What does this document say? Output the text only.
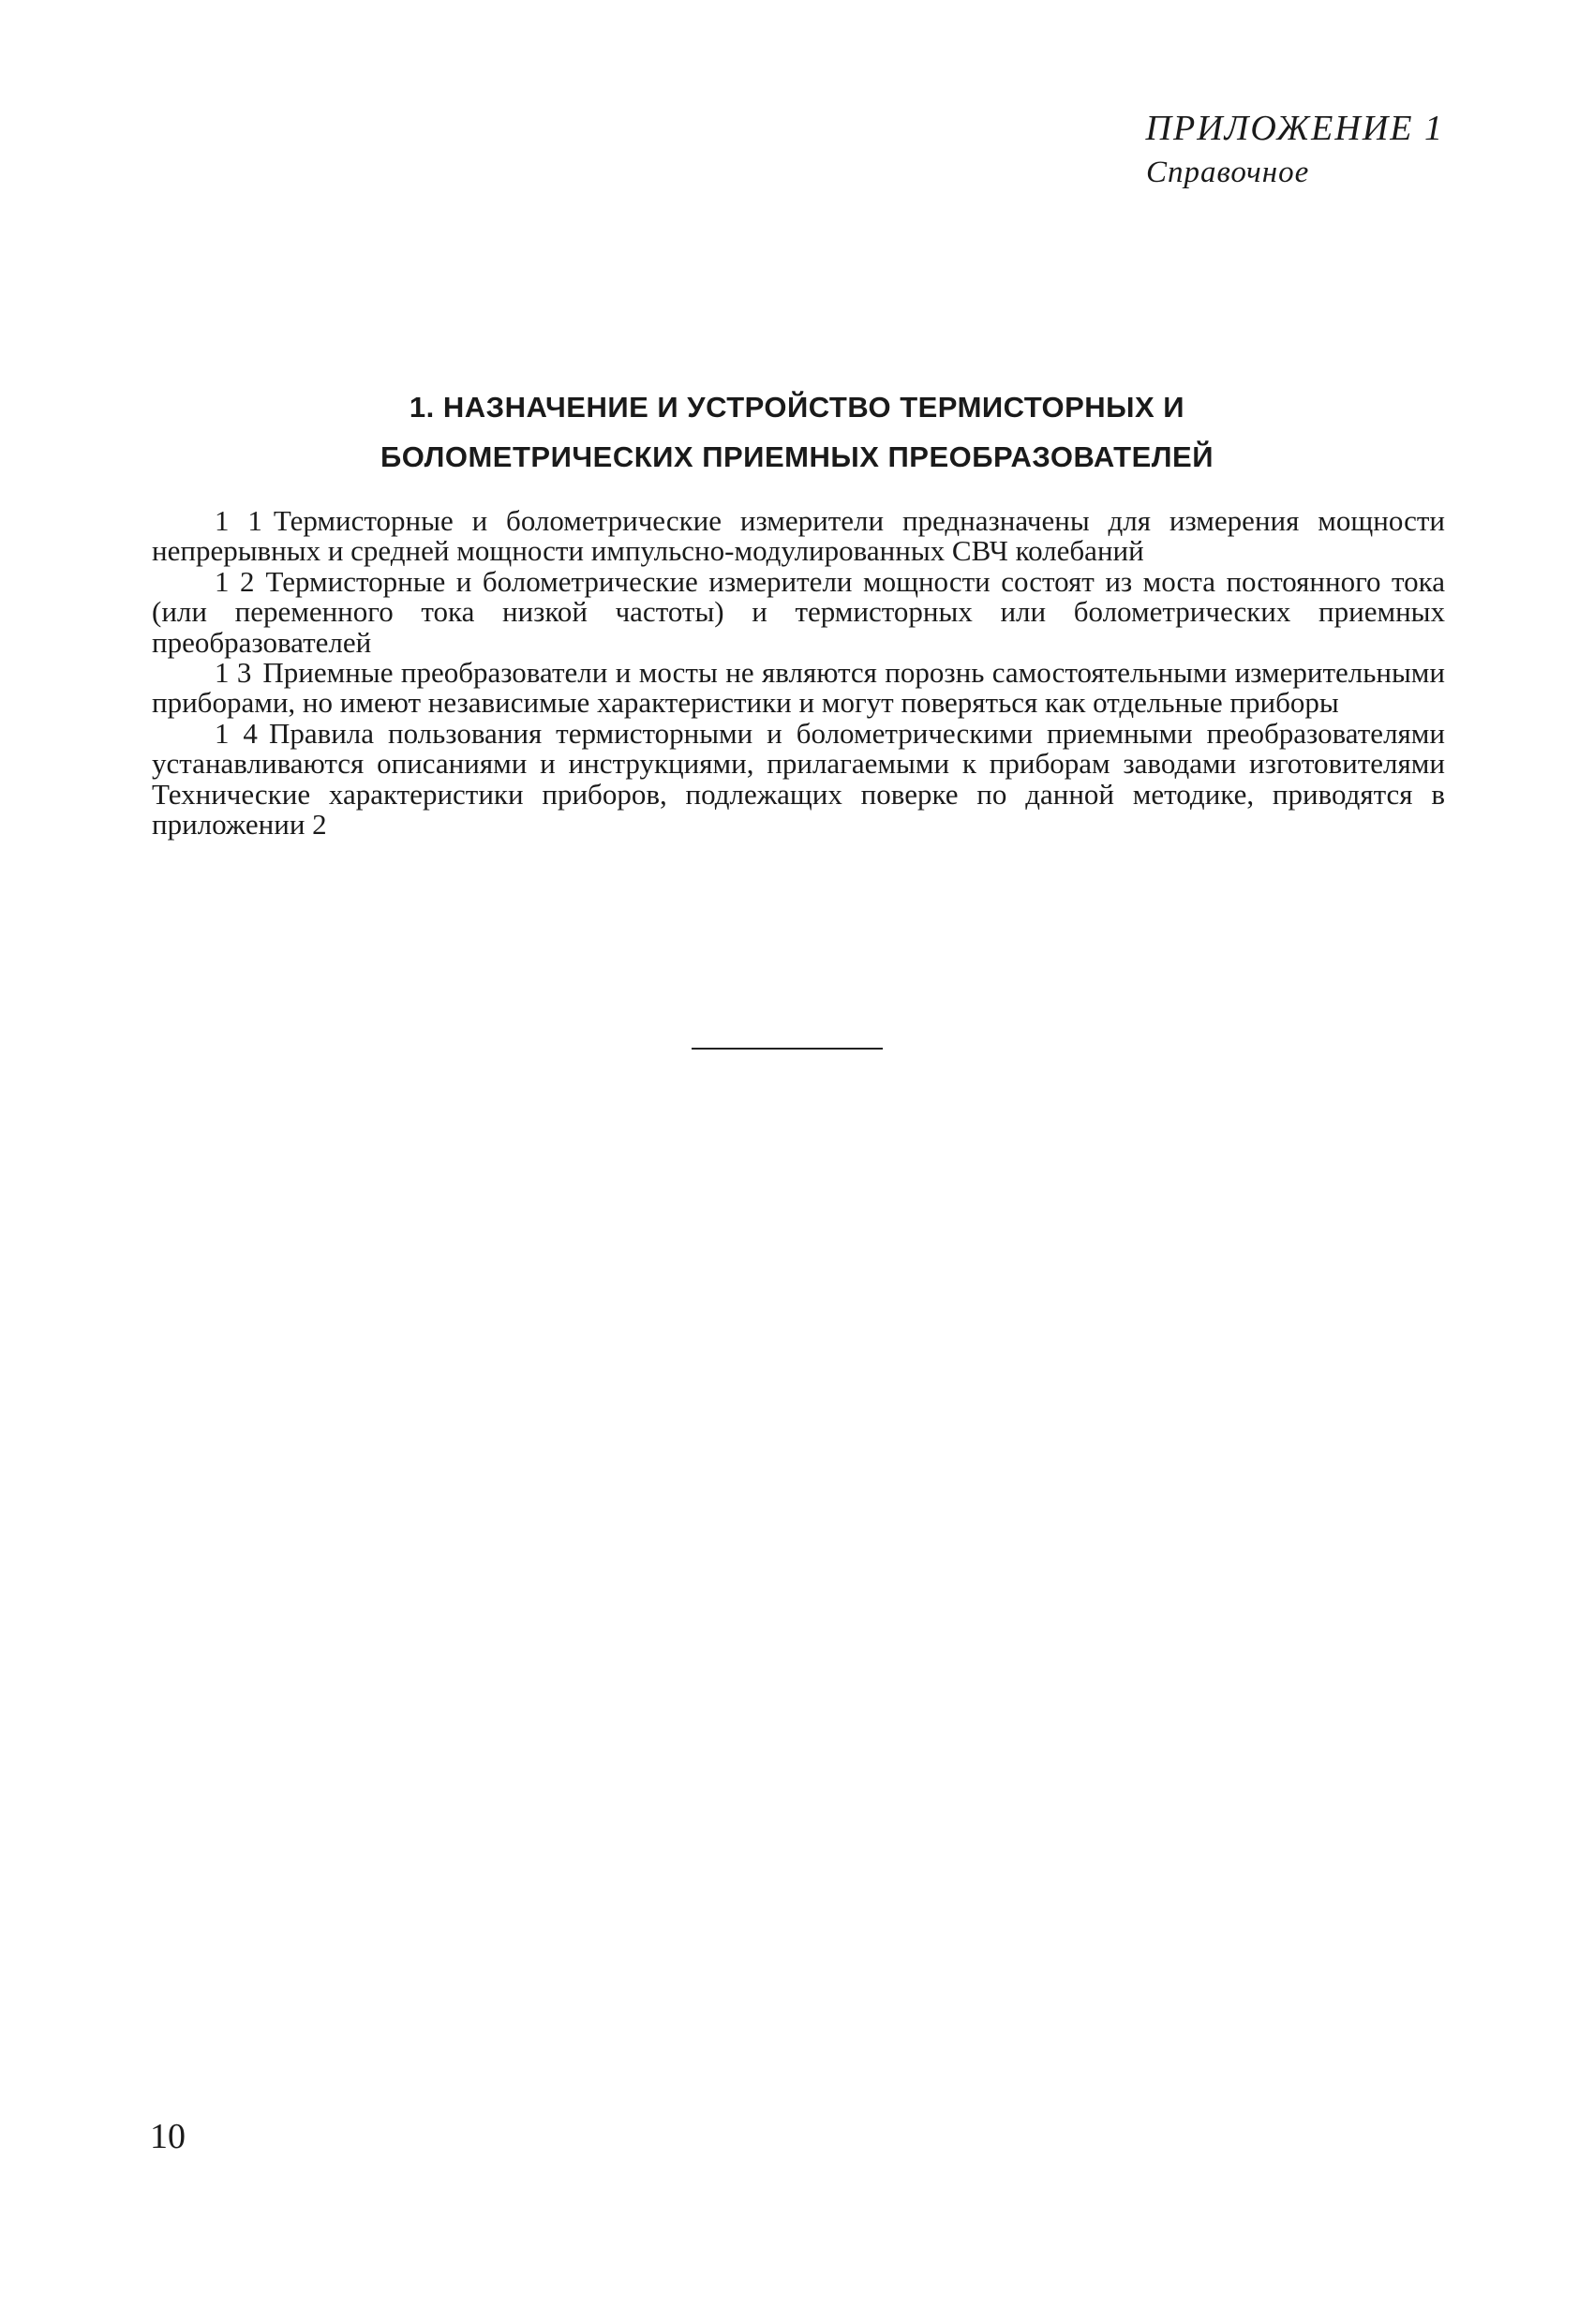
ПРИЛОЖЕНИЕ 1
Справочное
1. НАЗНАЧЕНИЕ И УСТРОЙСТВО ТЕРМИСТОРНЫХ И
БОЛОМЕТРИЧЕСКИХ ПРИЕМНЫХ ПРЕОБРАЗОВАТЕЛЕЙ

1 1 Термисторные и болометрические измерители предназначены для измерения мощности непрерывных и средней мощности импульсно-модулированных СВЧ колебаний

1 2 Термисторные и болометрические измерители мощности состоят из моста постоянного тока (или переменного тока низкой частоты) и термисторных или болометрических приемных преобразователей

1 3 Приемные преобразователи и мосты не являются порознь самостоятельными измерительными приборами, но имеют независимые характеристики и могут поверяться как отдельные приборы

1 4 Правила пользования термисторными и болометрическими приемными преобразователями устанавливаются описаниями и инструкциями, прилагаемыми к приборам заводами изготовителями Технические характеристики приборов, подлежащих поверке по данной методике, приводятся в приложении 2

10
